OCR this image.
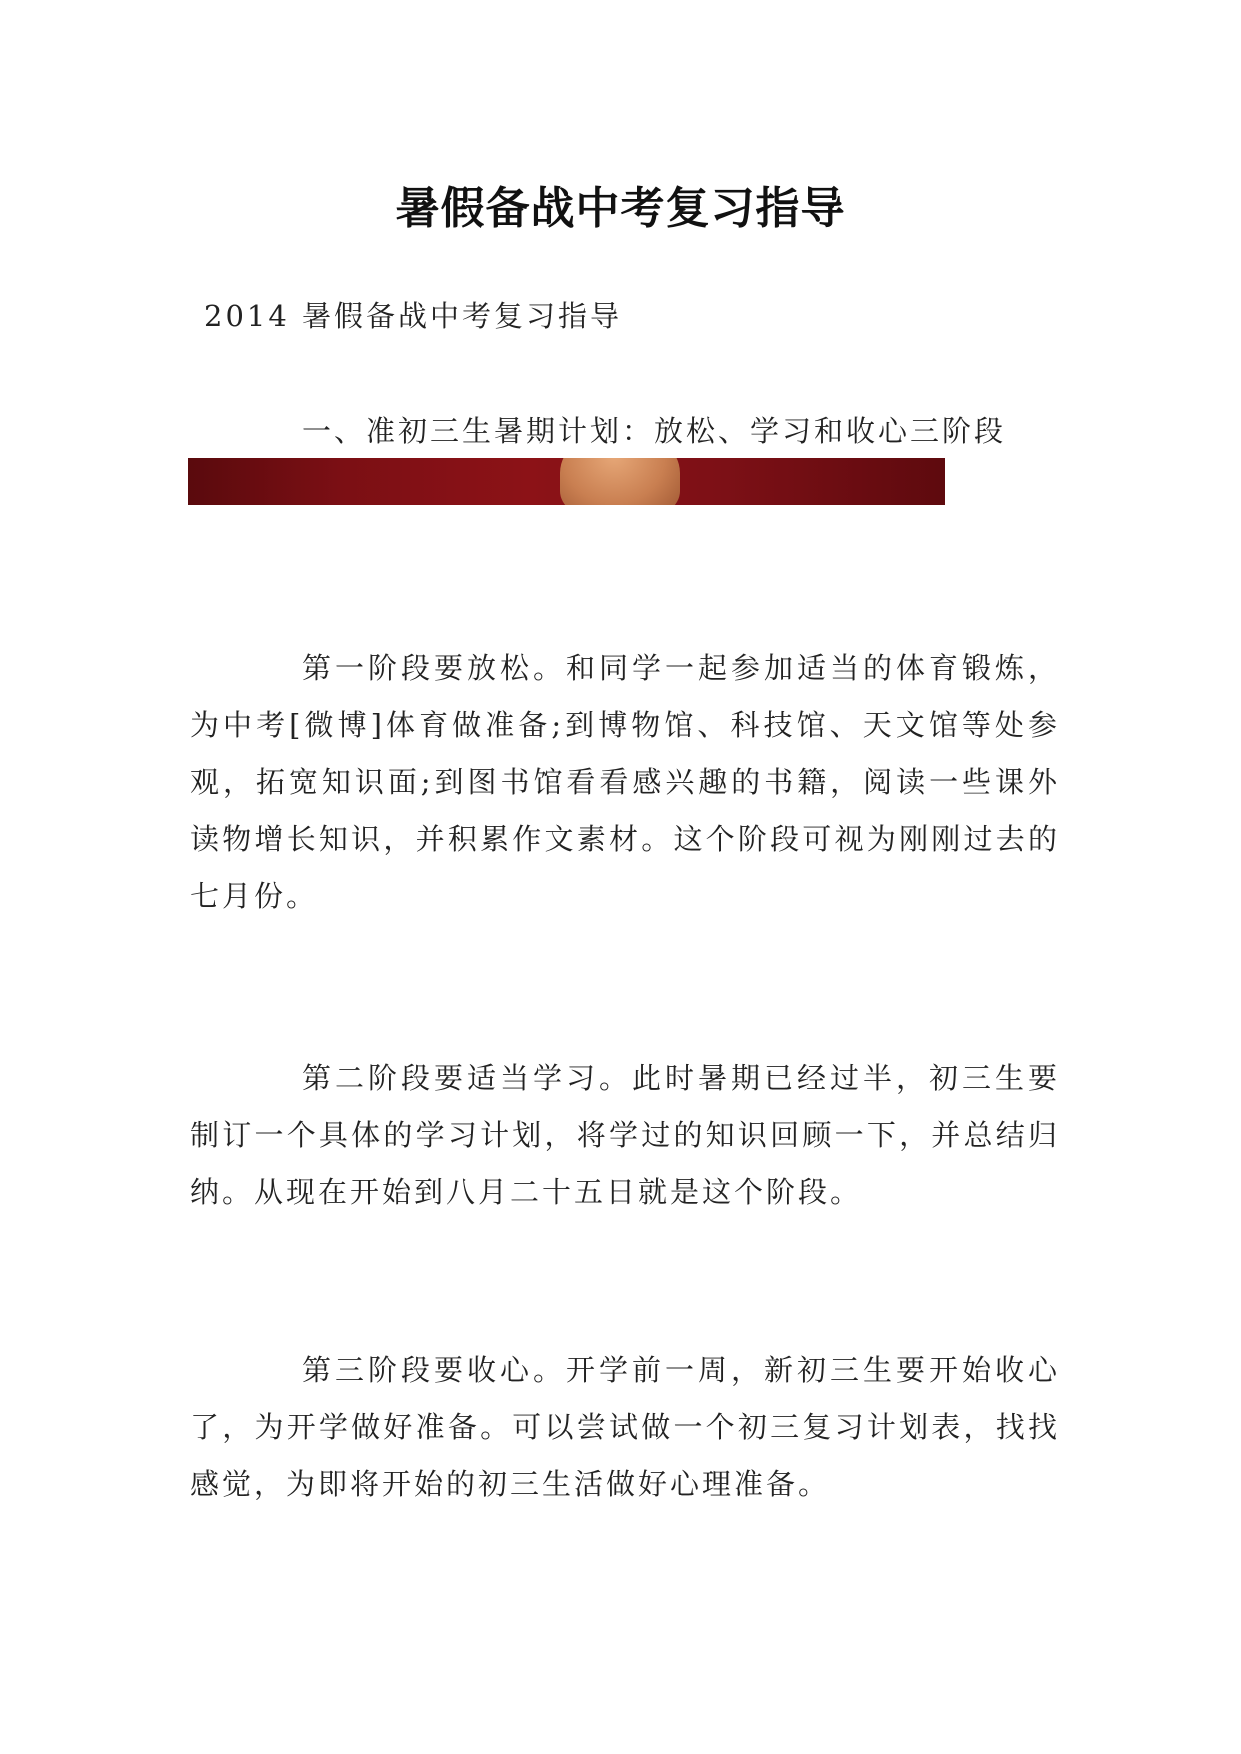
暑假备战中考复习指导
2014 暑假备战中考复习指导
一、准初三生暑期计划：放松、学习和收心三阶段

第一阶段要放松。和同学一起参加适当的体育锻炼，为中考[微博]体育做准备;到博物馆、科技馆、天文馆等处参观，拓宽知识面;到图书馆看看感兴趣的书籍，阅读一些课外读物增长知识，并积累作文素材。这个阶段可视为刚刚过去的七月份。

第二阶段要适当学习。此时暑期已经过半，初三生要制订一个具体的学习计划，将学过的知识回顾一下，并总结归纳。从现在开始到八月二十五日就是这个阶段。

第三阶段要收心。开学前一周，新初三生要开始收心了，为开学做好准备。可以尝试做一个初三复习计划表，找找感觉，为即将开始的初三生活做好心理准备。
